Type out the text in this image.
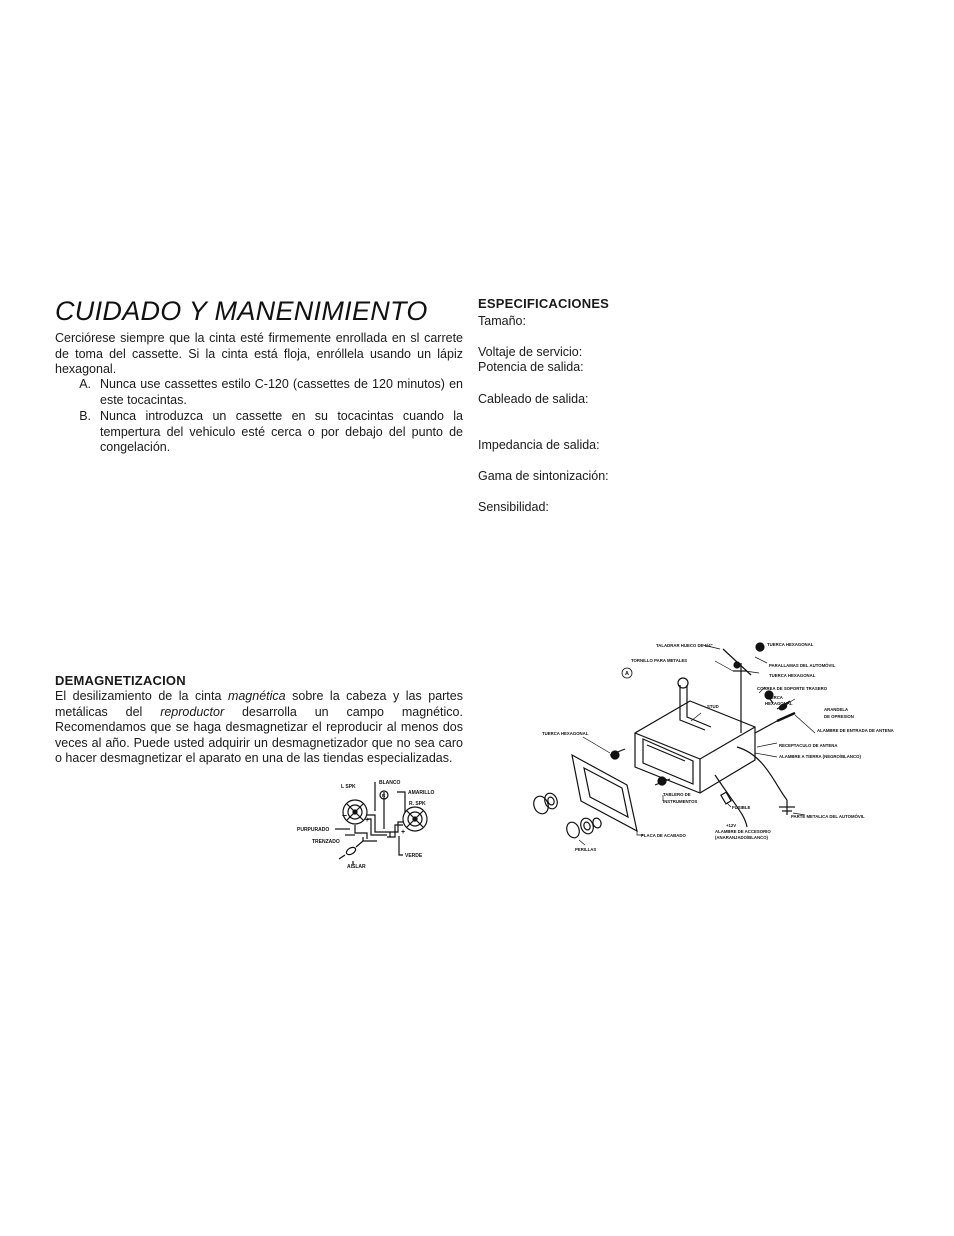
CUIDADO Y MANENIMIENTO
Cerciórese siempre que la cinta esté firmemente enrollada en sl carrete de toma del cassette. Si la cinta está floja, enróllela usando un lápiz hexagonal.
A. Nunca use cassettes estilo C-120 (cassettes de 120 minutos) en este tocacintas.
B. Nunca introduzca un cassette en su tocacintas cuando la tempertura del vehiculo esté cerca o por debajo del punto de congelación.
ESPECIFICACIONES
Tamaño:
Voltaje de servicio:
Potencia de salida:
Cableado de salida:
Impedancia de salida:
Gama de sintonización:
Sensibilidad:
DEMAGNETIZACION
El desilizamiento de la cinta magnética sobre la cabeza y las partes metálicas del reproductor desarrolla un campo magnético. Recomendamos que se haga desmagnetizar el reproducir al menos dos veces al año. Puede usted adquirir un desmagnetizador que no sea caro o hacer desmagnetizar el aparato en una de las tiendas especializadas.
BLANCO
L SPK
AMARILLO
R. SPK
R
–
+
+
PURPURADO
TRENZADO
AISLAR
VERDE
TALADRAR HUECO DE 1/4"	TUERCA HEXAGONAL
TORNILLO PARA METALES
PARALLAMAS DEL AUTOMÓVIL
TUERCA HEXAGONAL
A
CORREA DE SOPORTE TRASERO
TUERCA
HEXAGONAL
ARANDELA
DE OPRESION
STUD
TUERCA HEXAGONAL
ALAMBRE DE ENTRADA DE ANTENA
RECEPTACULO DE ANTENA
ALAMBRE A TIERRA (NEGRO/BLANCO)
TABLERO DE
INSTRUMENTOS
FUSIBLE
PARTE METALICA DEL AUTOMÓVIL
+12V
ALAMBRE DE ACCESORIO
(ANARANJADO/BLANCO)
PLACA DE ACABADO
PERILLAS
